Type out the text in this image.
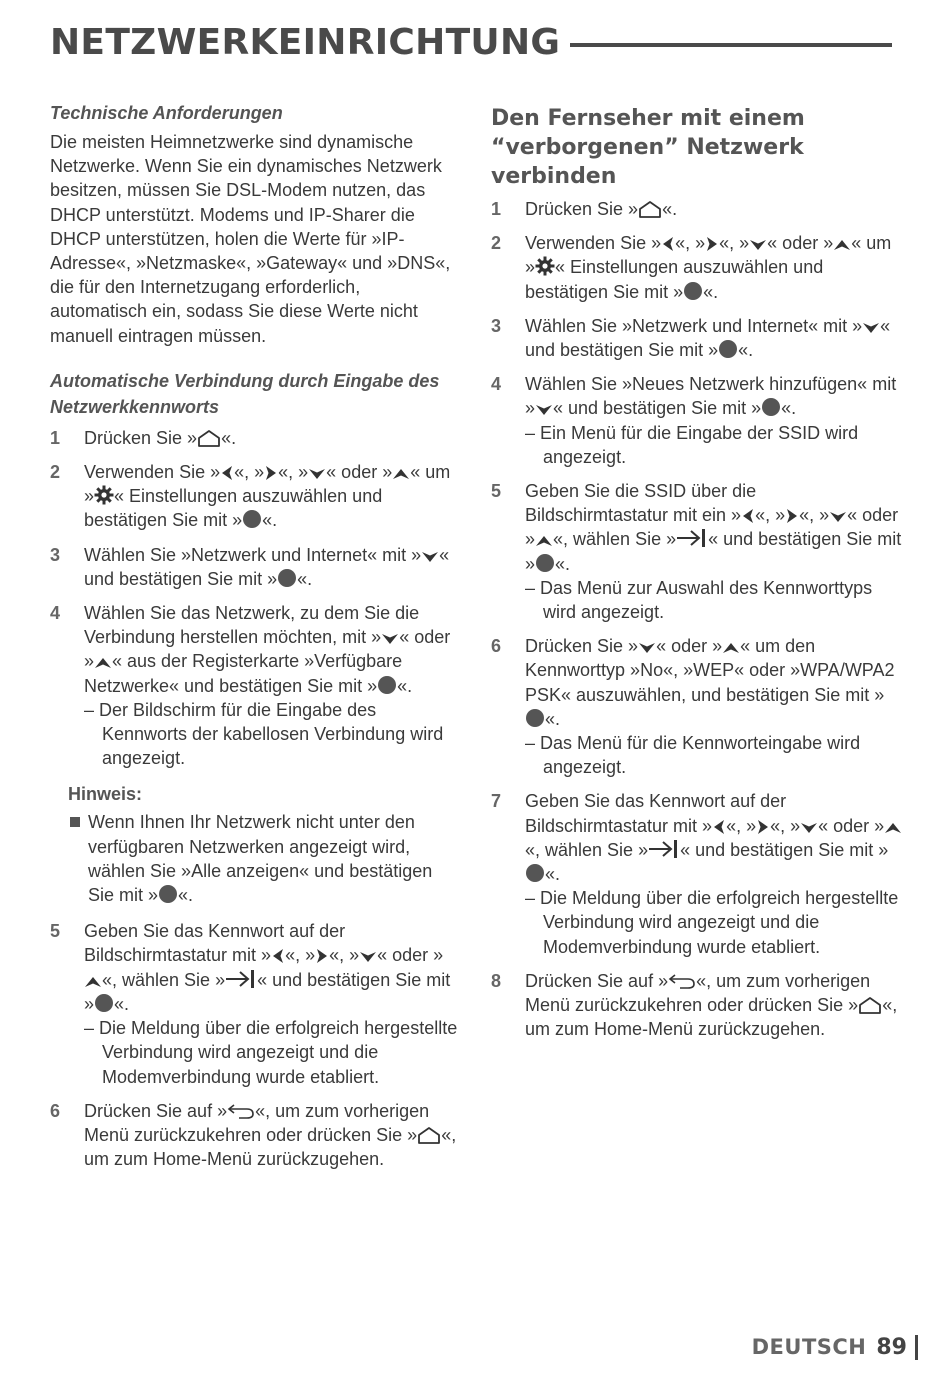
NETZWERKEINRICHTUNG

Technische Anforderungen

Die meisten Heimnetzwerke sind dynamische Netzwerke. Wenn Sie ein dynamisches Netzwerk besitzen, müssen Sie DSL-Modem nutzen, das DHCP unterstützt. Modems und IP-Sharer die DHCP unterstützen, holen die Werte für »IP-Adresse«, »Netzmaske«, »Gateway« und »DNS«, die für den Internetzugang erforderlich, automatisch ein, sodass Sie diese Werte nicht manuell eintragen müssen.

Automatische Verbindung durch Eingabe des Netzwerkkennworts

1	Drücken Sie » «.
2	Verwenden Sie » «, » «, » « oder » « um » « Einstellungen auszuwählen und bestätigen Sie mit » «.
3	Wählen Sie »Netzwerk und Internet« mit » « und bestätigen Sie mit » «.
4	Wählen Sie das Netzwerk, zu dem Sie die Verbindung herstellen möchten, mit » « oder » « aus der Registerkarte »Verfügbare Netzwerke« und bestätigen Sie mit » «.

– Der Bildschirm für die Eingabe des Kennworts der kabellosen Verbindung wird angezeigt.

Hinweis:

Wenn Ihnen Ihr Netzwerk nicht unter den verfügbaren Netzwerken angezeigt wird, wählen Sie »Alle anzeigen« und bestätigen Sie mit » «.
5	Geben Sie das Kennwort auf der Bildschirmtastatur mit » «, » «, » « oder »
«, wählen Sie » « und bestätigen Sie mit » «.

– Die Meldung über die erfolgreich hergestellte Verbindung wird angezeigt und die Modemverbindung wurde etabliert.

6	Drücken Sie auf » «, um zum vorherigen Menü zurückzukehren oder drücken Sie » «, um zum Home-Menü zurückzugehen.

Den Fernseher mit einem “verborgenen” Netzwerk verbinden

1	Drücken Sie » «.
2	Verwenden Sie » «, » «, » « oder » « um » « Einstellungen auszuwählen und bestätigen Sie mit » «.
3	Wählen Sie »Netzwerk und Internet« mit » « und bestätigen Sie mit » «.
4	Wählen Sie »Neues Netzwerk hinzufügen« mit » « und bestätigen Sie mit » «.

– Ein Menü für die Eingabe der SSID wird angezeigt.

5	Geben Sie die SSID über die Bildschirmtastatur mit ein » «, » «, » « oder » «, wählen Sie » « und bestätigen Sie mit » «.

– Das Menü zur Auswahl des Kennworttyps wird angezeigt.

6	Drücken Sie » « oder » « um den Kennworttyp »No«, »WEP« oder »WPA/WPA2 PSK« auszuwählen, und bestätigen Sie mit »
«.

– Das Menü für die Kennworteingabe wird angezeigt.

7	Geben Sie das Kennwort auf der Bildschirmtastatur mit » «, » «, » « oder »
«, wählen Sie » « und bestätigen Sie mit »
«.

– Die Meldung über die erfolgreich hergestellte Verbindung wird angezeigt und die Modemverbindung wurde etabliert.

8	Drücken Sie auf » «, um zum vorherigen Menü zurückzukehren oder drücken Sie » «, um zum Home-Menü zurückzugehen.
DEUTSCH 89
